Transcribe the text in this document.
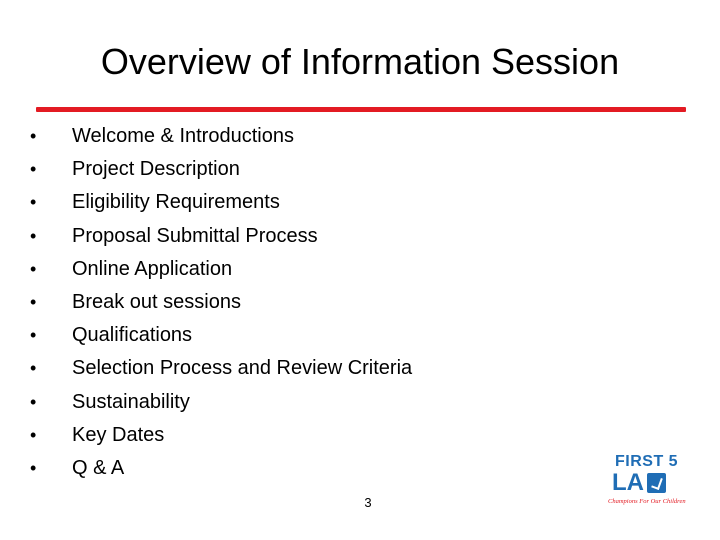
Overview of Information Session
• Welcome & Introductions
• Project Description
• Eligibility Requirements
• Proposal Submittal Process
• Online Application
• Break out sessions
• Qualifications
• Selection Process and Review Criteria
• Sustainability
• Key Dates
• Q & A
3
FIRST 5
LA
Champions For Our Children
